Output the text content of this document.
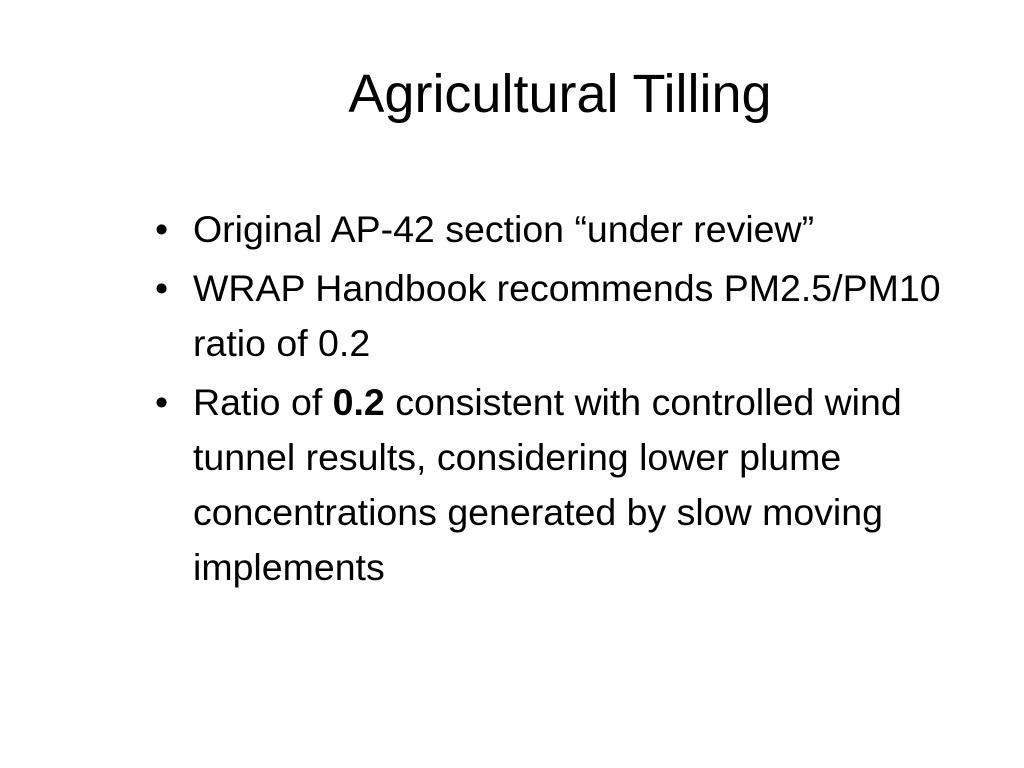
Agricultural Tilling
• Original AP-42 section “under review”
• WRAP Handbook recommends PM2.5/PM10 ratio of 0.2
• Ratio of 0.2 consistent with controlled wind tunnel results, considering lower plume concentrations generated by slow moving implements
